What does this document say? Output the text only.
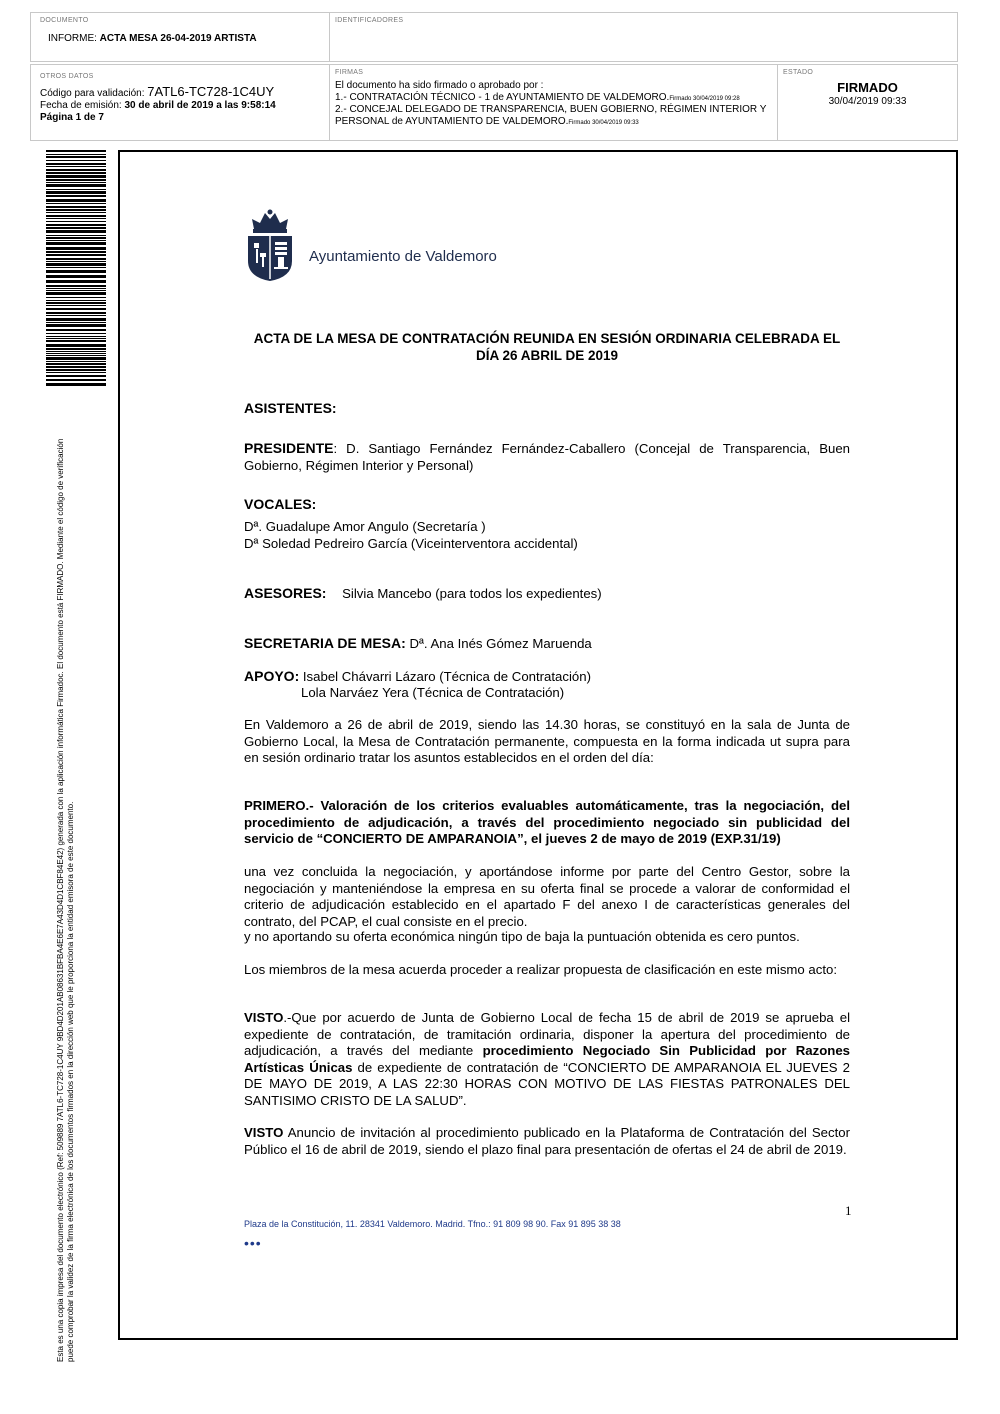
DOCUMENTO
INFORME: ACTA MESA 26-04-2019 ARTISTA
IDENTIFICADORES
OTROS DATOS
Código para validación: 7ATL6-TC728-1C4UY
Fecha de emisión: 30 de abril de 2019 a las 9:58:14
Página 1 de 7
FIRMAS
El documento ha sido firmado o aprobado por :
1.- CONTRATACIÓN TÉCNICO - 1 de AYUNTAMIENTO DE VALDEMORO.Firmado 30/04/2019 09:28
2.- CONCEJAL DELEGADO DE TRANSPARENCIA, BUEN GOBIERNO, RÉGIMEN INTERIOR Y
PERSONAL de AYUNTAMIENTO DE VALDEMORO.Firmado 30/04/2019 09:33
ESTADO
FIRMADO
30/04/2019 09:33
Esta es una copia impresa del documento electrónico (Ref: 509889 7ATL6-TC728-1C4UY 9BD4D201AB08631BFBA4E6E7A43D4D1CBF84E42) generada con la aplicación informática Firmadoc. El documento está FIRMADO. Mediante el código de verificación puede comprobar la validez de la firma electrónica de los documentos firmados en la dirección web que le proporciona la entidad emisora de este documento.
Ayuntamiento de Valdemoro
ACTA DE LA MESA DE CONTRATACIÓN REUNIDA EN SESIÓN ORDINARIA CELEBRADA EL
DÍA 26 ABRIL DE 2019
ASISTENTES:
PRESIDENTE: D. Santiago Fernández Fernández-Caballero (Concejal de Transparencia, Buen Gobierno, Régimen Interior y Personal)
VOCALES:
Dª. Guadalupe Amor Angulo (Secretaría )
Dª Soledad Pedreiro García (Viceinterventora accidental)
ASESORES: Silvia Mancebo (para todos los expedientes)
SECRETARIA DE MESA: Dª. Ana Inés Gómez Maruenda
APOYO: Isabel Chávarri Lázaro (Técnica de Contratación)
Lola Narváez Yera (Técnica de Contratación)
En Valdemoro a 26 de abril de 2019, siendo las 14.30 horas, se constituyó en la sala de Junta de Gobierno Local, la Mesa de Contratación permanente, compuesta en la forma indicada ut supra para en sesión ordinario tratar los asuntos establecidos en el orden del día:
PRIMERO.- Valoración de los criterios evaluables automáticamente, tras la negociación, del procedimiento de adjudicación, a través del procedimiento negociado sin publicidad del servicio de “CONCIERTO DE AMPARANOIA”, el jueves 2 de mayo de 2019 (EXP.31/19)
una vez concluida la negociación, y aportándose informe por parte del Centro Gestor, sobre la negociación y manteniéndose la empresa en su oferta final se procede a valorar de conformidad el criterio de adjudicación establecido en el apartado F del anexo I de características generales del contrato, del PCAP, el cual consiste en el precio.
y no aportando su oferta económica ningún tipo de baja la puntuación obtenida es cero puntos.
Los miembros de la mesa acuerda proceder a realizar propuesta de clasificación en este mismo acto:
VISTO.-Que por acuerdo de Junta de Gobierno Local de fecha 15 de abril de 2019 se aprueba el expediente de contratación, de tramitación ordinaria, disponer la apertura del procedimiento de adjudicación, a través del mediante procedimiento Negociado Sin Publicidad por Razones Artísticas Únicas de expediente de contratación de “CONCIERTO DE AMPARANOIA EL JUEVES 2 DE MAYO DE 2019, A LAS 22:30 HORAS CON MOTIVO DE LAS FIESTAS PATRONALES DEL SANTISIMO CRISTO DE LA SALUD”.
VISTO Anuncio de invitación al procedimiento publicado en la Plataforma de Contratación del Sector Público el 16 de abril de 2019, siendo el plazo final para presentación de ofertas el 24 de abril de 2019.
1
Plaza de la Constitución, 11. 28341 Valdemoro. Madrid. Tfno.: 91 809 98 90. Fax 91 895 38 38
•••
